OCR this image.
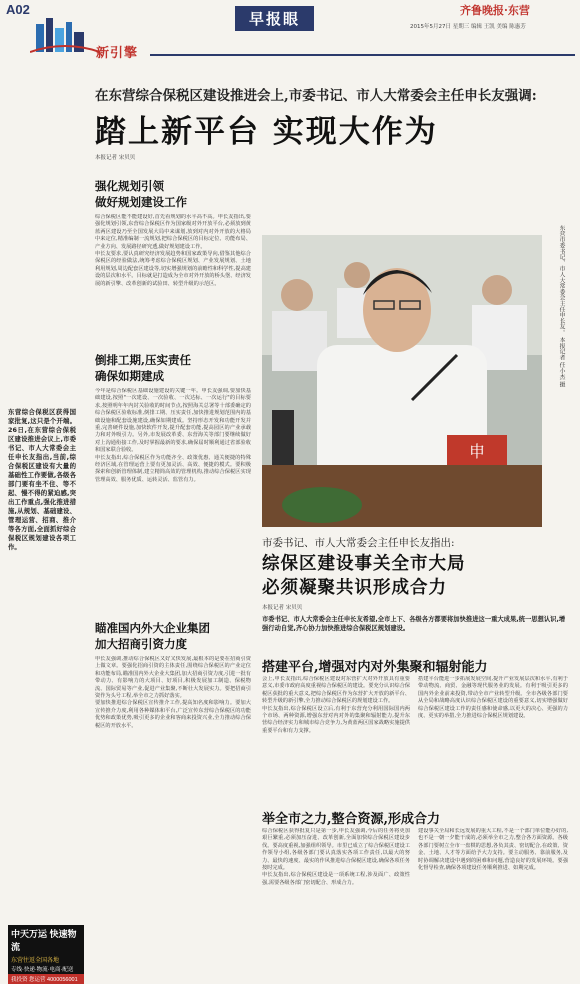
A02
早报眼	齐鲁晚报·东营
2015年5月27日 星期三 编辑 王凯 美编 陈惠芳
新引擎
在东营综合保税区建设推进会上,市委书记、市人大常委会主任申长友强调:
踏上新平台 实现大作为
本报记者 宋贝贝
东营综合保税区获得国家批复,这只是个开端。26日,在东营综合保税区建设推进会议上,市委书记、市人大常委会主任申长友指出,当前,综合保税区建设有大量的基础性工作要做,各级各部门要有坐不住、等不起、慢不得的紧迫感,突出工作重点,强化推进措施,从规划、基础建设、管理运营、招商、推介等各方面,全面抓好综合保税区规划建设各项工作。
强化规划引领
做好规划建设工作
综合保税区能不能建设好,首先看规划的水平高不高。申长友指出,要强化规划引领,东营综合保税区作为国家级对外开放平台,必须放到黄蓝两区建设乃至全国发展大局中来谋划,放到对内对外开放的大格局中来定位,精准编制一流规划,把综合保税区的目标定位、功能布局、产业方向、发展路径研究透,做好规划建设工作。
申长友要求,要认真研究经济发展趋势和国家政策导向,借鉴其他综合保税区的经验做法,统筹考虑综合保税区规划、产业发展规划、土地利用规划,周边配套区建设等,切实增强规划的前瞻性和科学性,提高建设的层次和水平。目标就是打造成为全市对外开放的桥头堡、经济发展的新引擎、改革创新的试验田、转型升级的示范区。
倒排工期,压实责任
确保如期建成
今年是综合保税区基础设施建设的关键一年。申长友强调,要加快基础建设,按照"一次建设、一次验收、一次达标、一次运行"的目标要求,按照明年年内封关验收的时间节点,按照海关总署等十部委确定的综合保税区验收标准,倒排工期、压实责任,加快推进规划范围内的基础设施和配套设施建设,确保如期建成。坚持形态开发和功能开发并重,完善硬件设施,加快软件开发,提升配套功能,提高园区的产业承载力和对外吸引力。另外,市发展改革委、东营海关等部门要继续做好对上沟通衔接工作,及时掌握最新的要求,确保届时顺利通过省部验收和国家联合验收。
申长友指出,综合保税区作为功能齐全、政策优惠、通关便捷的特殊经济区域,在管理运营上要有更加灵活、高效、便捷的模式。要积极探索和创新管理体制,建立精简高效的管理机构,推动综合保税区实现管理高效、服务优质、运转灵活、监管有力。
瞄准国内外大企业集团
加大招商引资力度
申长友强调,推动综合保税区又好又快发展,最根本的是要在招商引资上做文章。要强化招商引资的主体责任,围绕综合保税区的产业定位和功能布局,瞄准国内外大企业大集团,加大招商引资力度,引进一批有带动力、有影响力的大项目、好项目,积极发展加工制造、保税物流、国际贸易等产业,促进产业集聚,不断壮大发展实力。要把招商引资作为头号工程,举全市之力抓好落实。
要加快推进综合保税区宣传推介工作,提高知名度和影响力。要加大宣传推介力度,利用各种媒体和平台,广泛宣传东营综合保税区的功能优势和政策优势,吸引更多的企业和客商来投资兴业,全力推动综合保税区的开放水平。
申
东营市委书记、市人大常委会主任申长友。 本报记者 任小杰 摄
市委书记、市人大常委会主任申长友指出:
综保区建设事关全市大局
必须凝聚共识形成合力
本报记者 宋贝贝
市委书记、市人大常委会主任申长友希望,全市上下、各级各方都要将加快推进这一重大成果,统一思想认识,增强行动自觉,齐心协力加快推进综合保税区规划建设。
搭建平台,增强对内对外集聚和辐射能力
会上,申长友指出,综合保税区建设对东营扩大对外开放具有重要意义,市委市政府高度重视综合保税区的建设。要充分认识综合保税区获批的重大意义,把综合保税区作为东营扩大开放的新平台、转型升级的新引擎,全力推动综合保税区的规划建设工作。
申长友指出,综合保税区设立后,有利于东营充分利用国际国内两个市场、两种资源,增强东营对内对外的集聚和辐射能力,提升东营综合经济实力和城市综合竞争力,为黄蓝两区国家战略实施提供重要平台和有力支撑。
搭建平台能进一步拓展发展空间,提升产业发展层次和水平,有利于带动物流、商贸、金融等现代服务业的发展。有利于吸引更多的国内外企业前来投资,带动全市产业转型升级。全市各级各部门要从全局和战略高度认识综合保税区建设的重要意义,切实增强做好综合保税区建设工作的责任感和使命感,以更大的决心、更强的力度、更实的举措,全力推进综合保税区规划建设。
举全市之力,整合资源,形成合力
综合保税区获得批复只是第一步,申长友强调,今后的任务将更加艰巨繁重,必须加压奋进、改革创新,全面加快综合保税区建设步伐。要高度重视,加强组织领导。市里已成立了综合保税区建设工作领导小组,各级各部门要认真落实各项工作责任,以最大的努力、最快的速度、最实的作风推进综合保税区建设,确保各项任务按时完成。
申长友指出,综合保税区建设是一项系统工程,涉及面广、政策性强,需要各级各部门密切配合、形成合力。
建设事关全局和长远发展的重大工程,不是一个部门单位能办好的,也不是一朝一夕能干成的,必须举全市之力,整合各方面资源。各级各部门要树立全市一盘棋的思想,各负其责、密切配合,在政策、资金、土地、人才等方面给予大力支持。要主动服务、靠前服务,及时协调解决建设中遇到的困难和问题,营造良好的发展环境。要强化督导检查,确保各项建设任务顺利推进、如期完成。
中天万运 快速物流
东营往返全国各地
专线·快递·物流·电商·配送
我投资 您运营 4000056001
